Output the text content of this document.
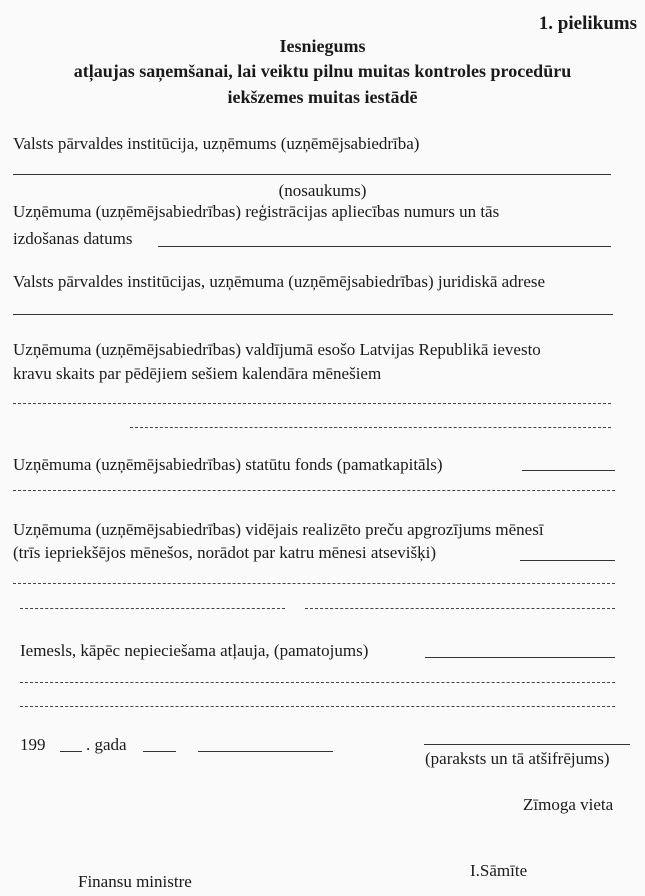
1. pielikums
Iesniegums
atļaujas saņemšanai, lai veiktu pilnu muitas kontroles procedūru
iekšzemes muitas iestādē
Valsts pārvaldes institūcija, uzņēmums (uzņēmējsabiedrība)
(nosaukums)
Uzņēmuma (uzņēmējsabiedrības) reģistrācijas apliecības numurs un tās
izdošanas datums
Valsts pārvaldes institūcijas, uzņēmuma (uzņēmējsabiedrības) juridiskā adrese
Uzņēmuma (uzņēmējsabiedrības) valdījumā esošo Latvijas Republikā ievesto
kravu skaits par pēdējiem sešiem kalendāra mēnešiem
Uzņēmuma (uzņēmējsabiedrības) statūtu fonds (pamatkapitāls)
Uzņēmuma (uzņēmējsabiedrības) vidējais realizēto preču apgrozījums mēnesī
(trīs iepriekšējos mēnešos, norādot par katru mēnesi atsevišķi)
Iemesls, kāpēc nepieciešama atļauja, (pamatojums)
199 . gada
(paraksts un tā atšifrējums)
Zīmoga vieta
Finansu ministre
I.Sāmīte
